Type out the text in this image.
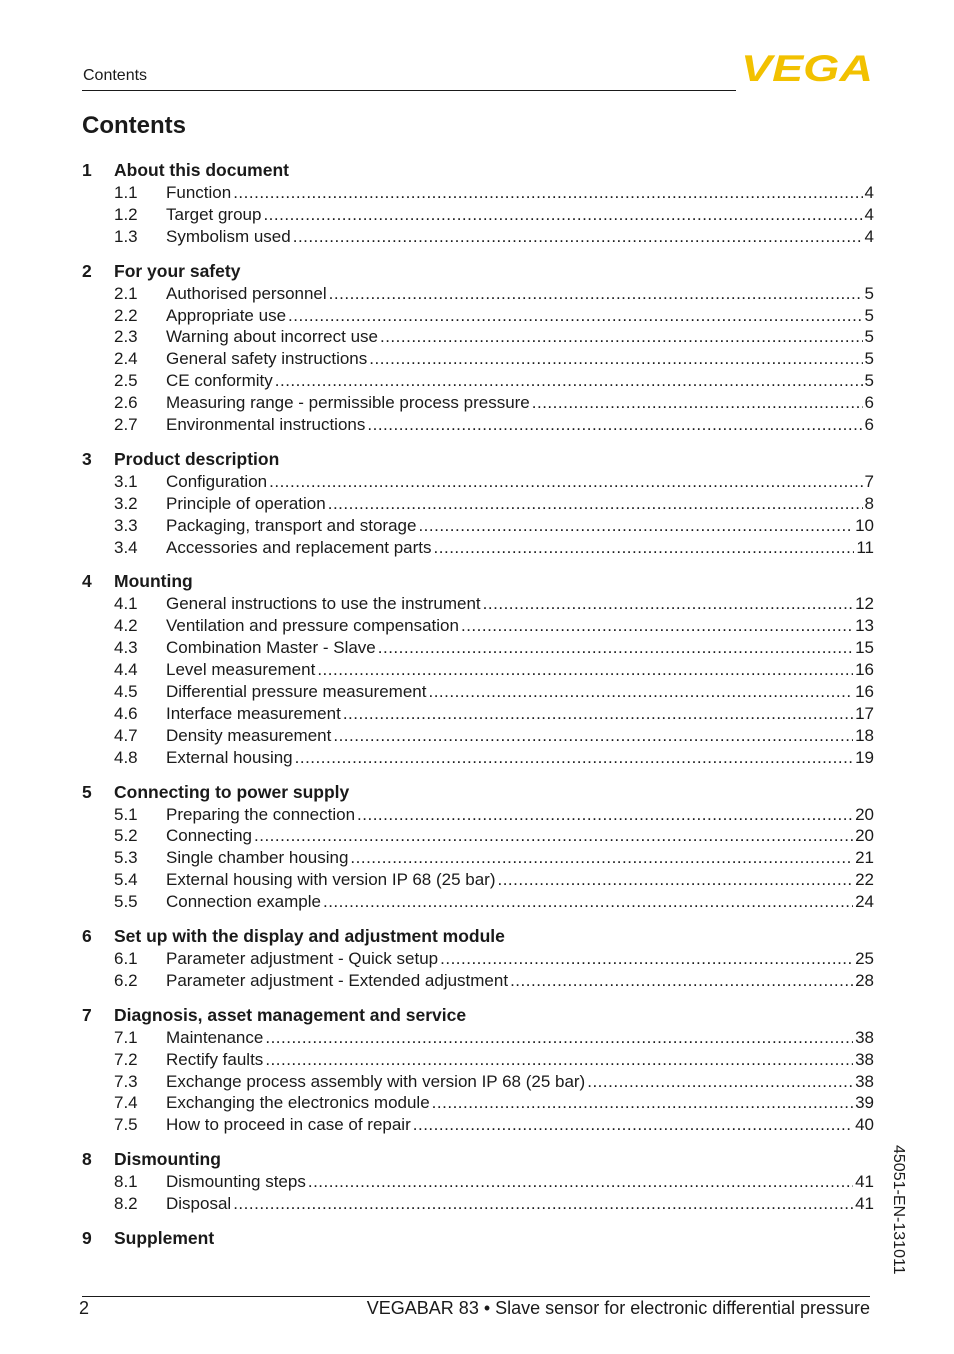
Contents	VEGA
Contents
1	About this document
1.1	Function .....	4
1.2	Target group .....	4
1.3	Symbolism used .....	4
2	For your safety
2.1	Authorised personnel .....	5
2.2	Appropriate use .....	5
2.3	Warning about incorrect use .....	5
2.4	General safety instructions .....	5
2.5	CE conformity .....	5
2.6	Measuring range - permissible process pressure .....	6
2.7	Environmental instructions .....	6
3	Product description
3.1	Configuration .....	7
3.2	Principle of operation .....	8
3.3	Packaging, transport and storage .....	10
3.4	Accessories and replacement parts .....	11
4	Mounting
4.1	General instructions to use the instrument .....	12
4.2	Ventilation and pressure compensation .....	13
4.3	Combination Master - Slave .....	15
4.4	Level measurement .....	16
4.5	Differential pressure measurement .....	16
4.6	Interface measurement .....	17
4.7	Density measurement .....	18
4.8	External housing .....	19
5	Connecting to power supply
5.1	Preparing the connection .....	20
5.2	Connecting .....	20
5.3	Single chamber housing .....	21
5.4	External housing with version IP 68 (25 bar) .....	22
5.5	Connection example .....	24
6	Set up with the display and adjustment module
6.1	Parameter adjustment - Quick setup .....	25
6.2	Parameter adjustment - Extended adjustment .....	28
7	Diagnosis, asset management and service
7.1	Maintenance .....	38
7.2	Rectify faults .....	38
7.3	Exchange process assembly with version IP 68 (25 bar) .....	38
7.4	Exchanging the electronics module .....	39
7.5	How to proceed in case of repair .....	40
8	Dismounting
8.1	Dismounting steps .....	41
8.2	Disposal .....	41
9	Supplement
2	VEGABAR 83 • Slave sensor for electronic differential pressure
45051-EN-131011
